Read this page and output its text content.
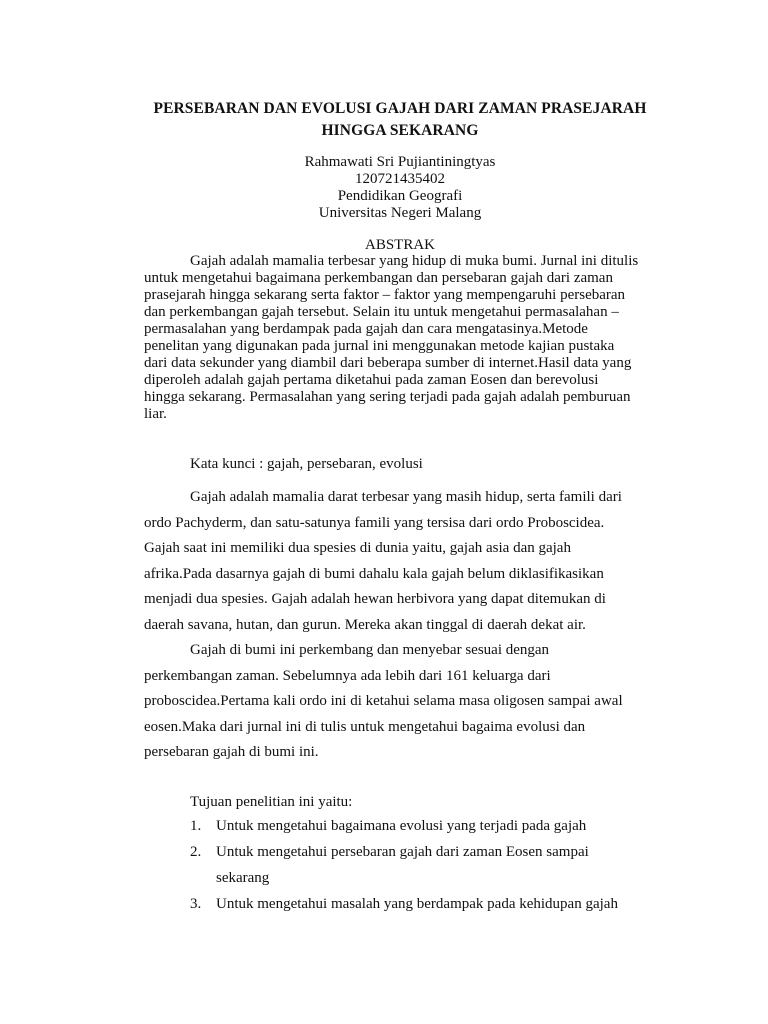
PERSEBARAN DAN EVOLUSI GAJAH DARI ZAMAN PRASEJARAH
HINGGA SEKARANG
Rahmawati Sri Pujiantiningtyas
120721435402
Pendidikan Geografi
Universitas Negeri Malang
ABSTRAK
Gajah adalah mamalia terbesar yang hidup di muka bumi. Jurnal ini ditulis
untuk mengetahui bagaimana perkembangan dan persebaran gajah dari zaman
prasejarah hingga sekarang serta faktor – faktor yang mempengaruhi persebaran
dan perkembangan gajah tersebut. Selain itu untuk mengetahui permasalahan –
permasalahan yang berdampak pada gajah dan cara mengatasinya.Metode
penelitan yang digunakan pada jurnal ini menggunakan metode kajian pustaka
dari data sekunder yang diambil dari beberapa sumber di internet.Hasil data yang
diperoleh adalah gajah pertama diketahui pada zaman Eosen dan berevolusi
hingga sekarang. Permasalahan yang sering terjadi pada gajah adalah pemburuan
liar.
Kata kunci : gajah, persebaran, evolusi
Gajah adalah mamalia darat terbesar yang masih hidup, serta famili dari
ordo Pachyderm, dan satu-satunya famili yang tersisa dari ordo Proboscidea.
Gajah saat ini memiliki dua spesies di dunia yaitu, gajah asia dan gajah
afrika.Pada dasarnya gajah di bumi dahalu kala gajah belum diklasifikasikan
menjadi dua spesies. Gajah adalah hewan herbivora yang dapat ditemukan di
daerah savana, hutan, dan gurun. Mereka akan tinggal di daerah dekat air.
Gajah di bumi ini perkembang dan menyebar sesuai dengan
perkembangan zaman. Sebelumnya ada lebih dari 161 keluarga dari
proboscidea.Pertama kali ordo ini di ketahui selama masa oligosen sampai awal
eosen.Maka dari jurnal ini di tulis untuk mengetahui bagaima evolusi dan
persebaran gajah di bumi ini.
Tujuan penelitian ini yaitu:
1. Untuk mengetahui bagaimana evolusi yang terjadi pada gajah
2. Untuk mengetahui persebaran gajah dari zaman Eosen sampai
sekarang
3. Untuk mengetahui masalah yang berdampak pada kehidupan gajah
